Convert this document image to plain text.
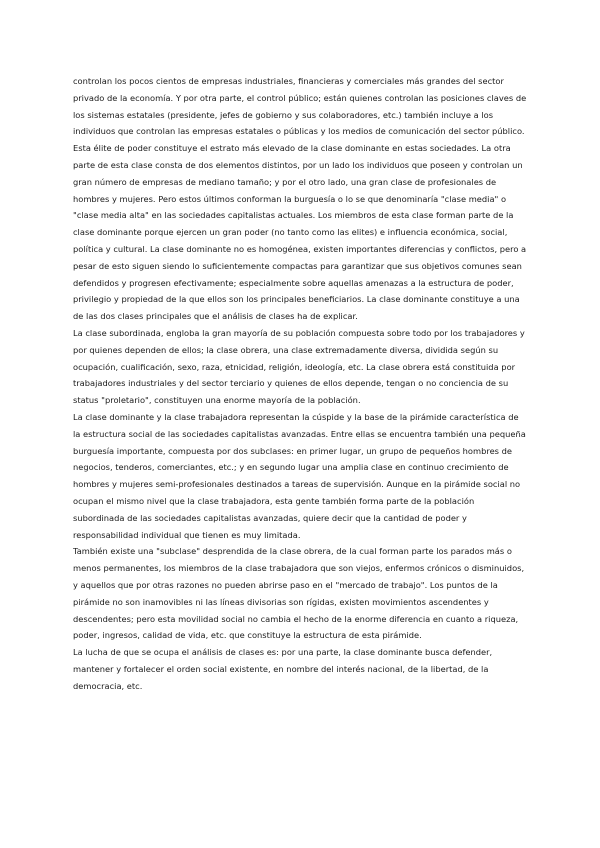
controlan los pocos cientos de empresas industriales, financieras y comerciales más grandes del sector privado de la economía. Y por otra parte, el control público; están quienes controlan las posiciones claves de los sistemas estatales (presidente, jefes de gobierno y sus colaboradores, etc.) también incluye a los individuos que controlan las empresas estatales o públicas y los medios de comunicación del sector público. Esta élite de poder constituye el estrato más elevado de la clase dominante en estas sociedades. La otra parte de esta clase consta de dos elementos distintos, por un lado los individuos que poseen y controlan un gran número de empresas de mediano tamaño; y por el otro lado, una gran clase de profesionales de hombres y mujeres. Pero estos últimos conforman la burguesía o lo se que denominaría "clase media" o "clase media alta" en las sociedades capitalistas actuales. Los miembros de esta clase forman parte de la clase dominante porque ejercen un gran poder (no tanto como las elites) e influencia económica, social, política y cultural. La clase dominante no es homogénea, existen importantes diferencias y conflictos, pero a pesar de esto siguen siendo lo suficientemente compactas para garantizar que sus objetivos comunes sean defendidos y progresen efectivamente; especialmente sobre aquellas amenazas a la estructura de poder, privilegio y propiedad de la que ellos son los principales beneficiarios. La clase dominante constituye a una de las dos clases principales que el análisis de clases ha de explicar.

La clase subordinada, engloba la gran mayoría de su población compuesta sobre todo por los trabajadores y por quienes dependen de ellos; la clase obrera, una clase extremadamente diversa, dividida según su ocupación, cualificación, sexo, raza, etnicidad, religión, ideología, etc. La clase obrera está constituida por trabajadores industriales y del sector terciario y quienes de ellos depende, tengan o no conciencia de su status "proletario", constituyen una enorme mayoría de la población.

La clase dominante y la clase trabajadora representan la cúspide y la base de la pirámide característica de la estructura social de las sociedades capitalistas avanzadas. Entre ellas se encuentra también una pequeña burguesía importante, compuesta por dos subclases: en primer lugar, un grupo de pequeños hombres de negocios, tenderos, comerciantes, etc.; y en segundo lugar una amplia clase en continuo crecimiento de hombres y mujeres semi-profesionales destinados a tareas de supervisión. Aunque en la pirámide social no ocupan el mismo nivel que la clase trabajadora, esta gente también forma parte de la población subordinada de las sociedades capitalistas avanzadas, quiere decir que la cantidad de poder y responsabilidad individual que tienen es muy limitada.

También existe una "subclase" desprendida de la clase obrera, de la cual forman parte los parados más o menos permanentes, los miembros de la clase trabajadora que son viejos, enfermos crónicos o disminuidos, y aquellos que por otras razones no pueden abrirse paso en el "mercado de trabajo". Los puntos de la pirámide no son inamovibles ni las líneas divisorias son rígidas, existen movimientos ascendentes y descendentes; pero esta movilidad social no cambia el hecho de la enorme diferencia en cuanto a riqueza, poder, ingresos, calidad de vida, etc. que constituye la estructura de esta pirámide.

La lucha de que se ocupa el análisis de clases es: por una parte, la clase dominante busca defender, mantener y fortalecer el orden social existente, en nombre del interés nacional, de la libertad, de la democracia, etc.
